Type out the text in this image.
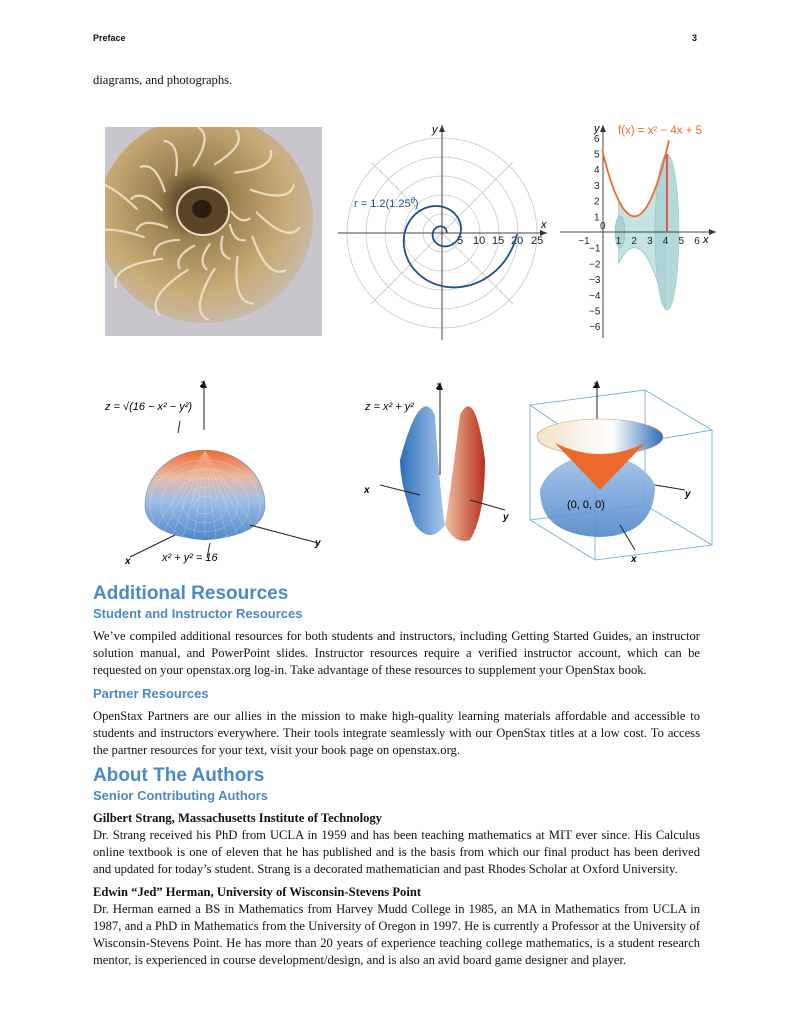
Preface	3

diagrams, and photographs.

x
y
5 10 15 20 25
$r = 1.2(1.25^\theta)$
x
y
−1
0
1 2 3 4 5 6
6
5
4
3
2
1
−1
−2
−3
−4
−5
−6
f(x) = x² − 4x + 5
z
x
y
z = √(16 − x² − y²)
x² + y² = 16
z
x
y
z = x² + y²
z
x
y
(0, 0, 0)
Additional Resources
Student and Instructor Resources

We’ve compiled additional resources for both students and instructors, including Getting Started Guides, an instructor solution manual, and PowerPoint slides. Instructor resources require a verified instructor account, which can be requested on your openstax.org log-in. Take advantage of these resources to supplement your OpenStax book.

Partner Resources

OpenStax Partners are our allies in the mission to make high-quality learning materials affordable and accessible to students and instructors everywhere. Their tools integrate seamlessly with our OpenStax titles at a low cost. To access the partner resources for your text, visit your book page on openstax.org.

About The Authors
Senior Contributing Authors
Gilbert Strang, Massachusetts Institute of Technology

Dr. Strang received his PhD from UCLA in 1959 and has been teaching mathematics at MIT ever since. His Calculus online textbook is one of eleven that he has published and is the basis from which our final product has been derived and updated for today’s student. Strang is a decorated mathematician and past Rhodes Scholar at Oxford University.

Edwin “Jed” Herman, University of Wisconsin-Stevens Point

Dr. Herman earned a BS in Mathematics from Harvey Mudd College in 1985, an MA in Mathematics from UCLA in 1987, and a PhD in Mathematics from the University of Oregon in 1997. He is currently a Professor at the University of Wisconsin-Stevens Point. He has more than 20 years of experience teaching college mathematics, is a student research mentor, is experienced in course development/design, and is also an avid board game designer and player.
